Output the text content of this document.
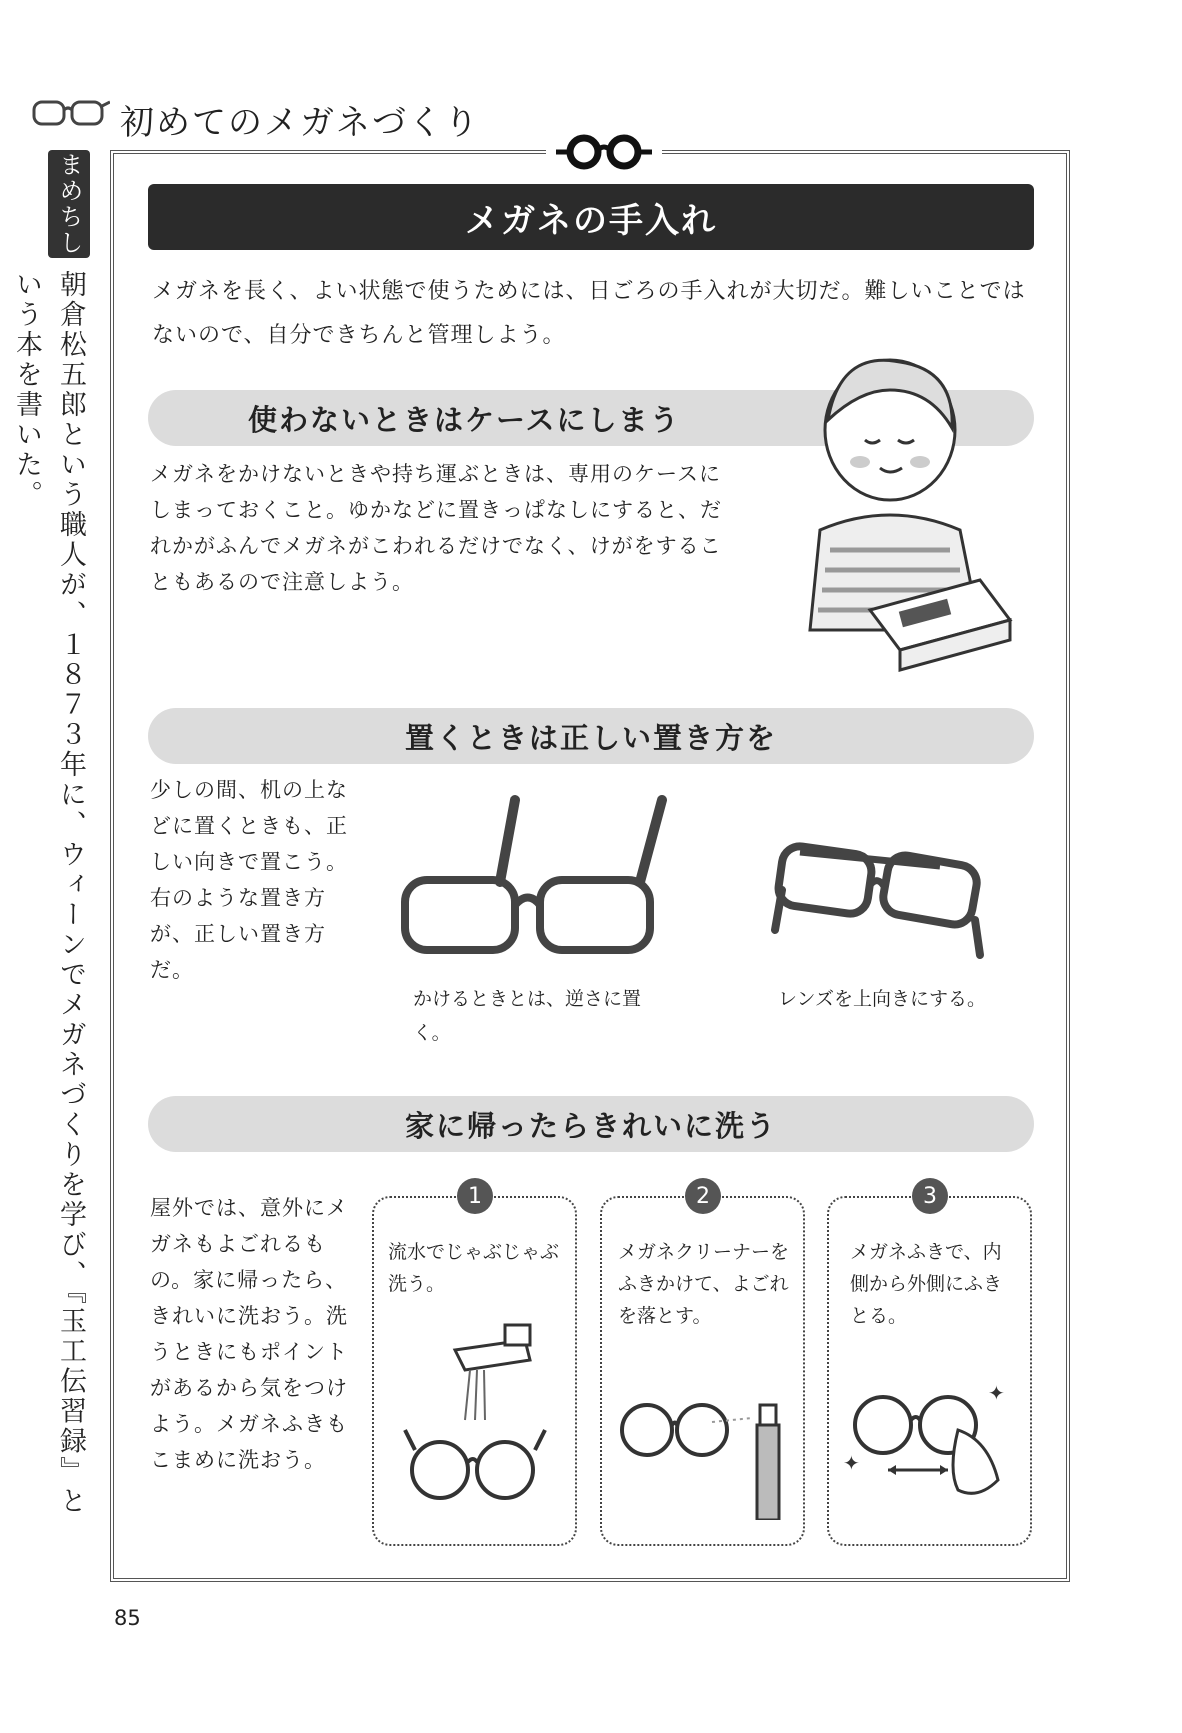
初めてのメガネづくり
まめちしき
朝倉松五郎という職人が、１８７３年に、ウィーンでメガネづくりを学び、『玉工伝習録』という本を書いた。
メガネの手入れ
メガネを長く、よい状態で使うためには、日ごろの手入れが大切だ。難しいことではないので、自分できちんと管理しよう。
使わないときはケースにしまう
メガネをかけないときや持ち運ぶときは、専用のケースにしまっておくこと。ゆかなどに置きっぱなしにすると、だれかがふんでメガネがこわれるだけでなく、けがをすることもあるので注意しよう。
置くときは正しい置き方を
少しの間、机の上などに置くときも、正しい向きで置こう。右のような置き方が、正しい置き方だ。
かけるときとは、逆さに置く。
レンズを上向きにする。
家に帰ったらきれいに洗う
屋外では、意外にメガネもよごれるもの。家に帰ったら、きれいに洗おう。洗うときにもポイントがあるから気をつけよう。メガネふきもこまめに洗おう。
1	2	3
流水でじゃぶじゃぶ洗う。
メガネクリーナーをふきかけて、よごれを落とす。
メガネふきで、内側から外側にふきとる。
✦
✦
85
